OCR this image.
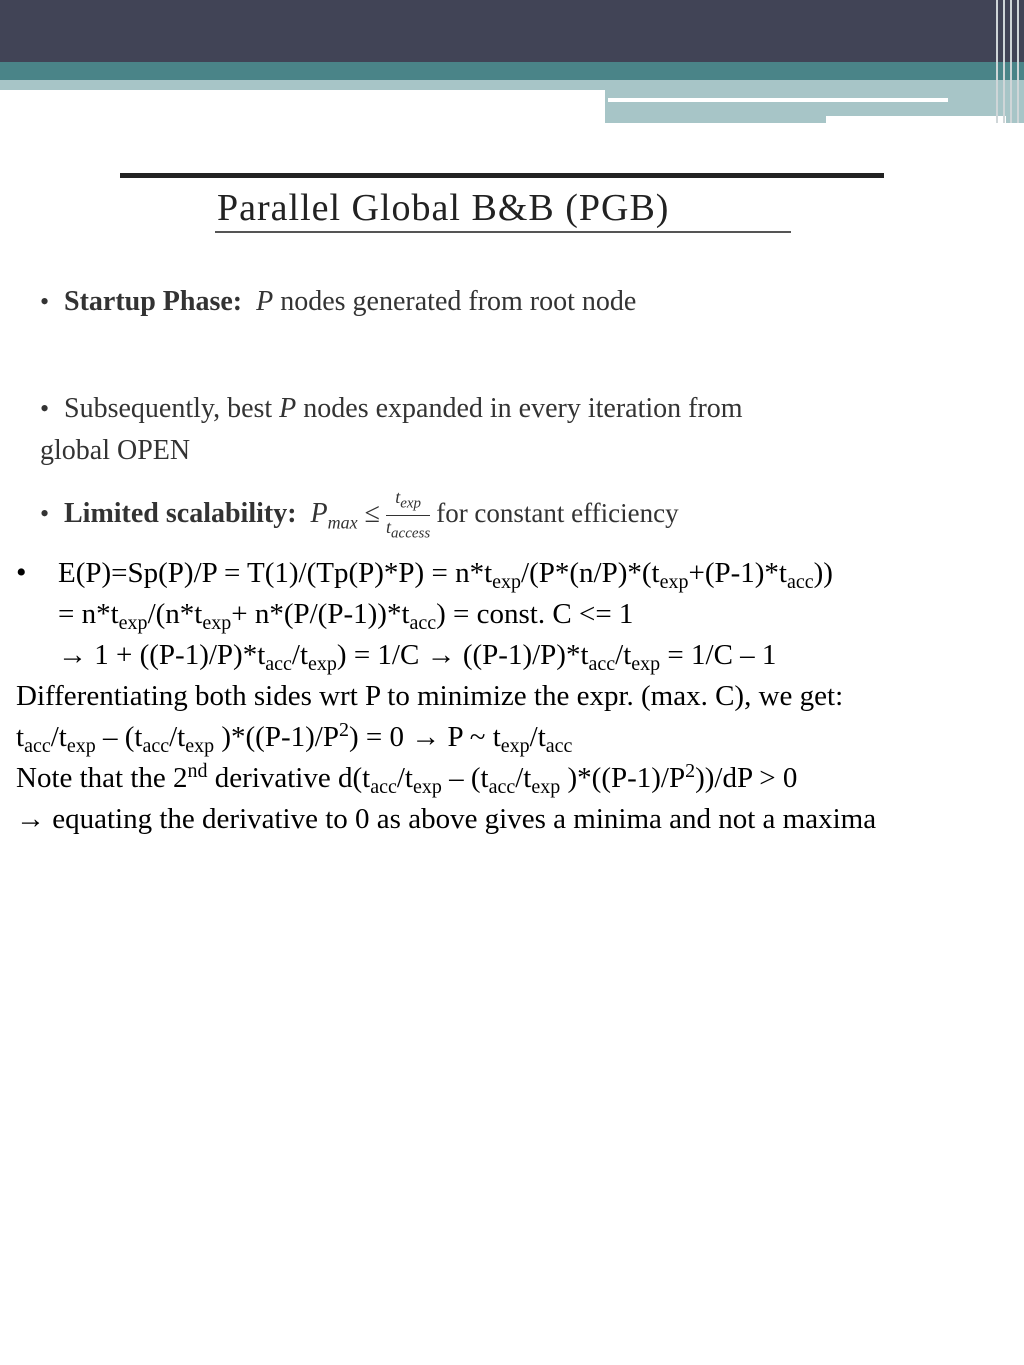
Parallel Global B&B (PGB)
• Startup Phase: P nodes generated from root node
• Subsequently, best P nodes expanded in every iteration from global OPEN
• Limited scalability: $P_{max} \le \frac{t_{exp}}{t_{access}}$ for constant efficiency
• $E(P)=Sp(P)/P = T(1)/(Tp(P)*P) = n*t_{exp}/(P*(n/P)*(t_{exp}+(P-1)*t_{acc}))$
= $n*t_{exp}/(n*t_{exp}+ n*(P/(P-1))*t_{acc})$ = const. C <= 1
→ $1 + ((P-1)/P)*t_{acc}/t_{exp}) = 1/C \to ((P-1)/P)*t_{acc}/t_{exp} = 1/C - 1$
Differentiating both sides wrt P to minimize the expr. (max. C), we get:
$t_{acc}/t_{exp} - (t_{acc}/t_{exp}$ )$*((P-1)/P^2) = 0 \to P$ ~ $t_{exp}/t_{acc}$
Note that the 2nd derivative $d(t_{acc}/t_{exp} - (t_{acc}/t_{exp}$ )$*((P-1)/P^2))/dP > 0$
→ equating the derivative to 0 as above gives a minima and not a maxima
